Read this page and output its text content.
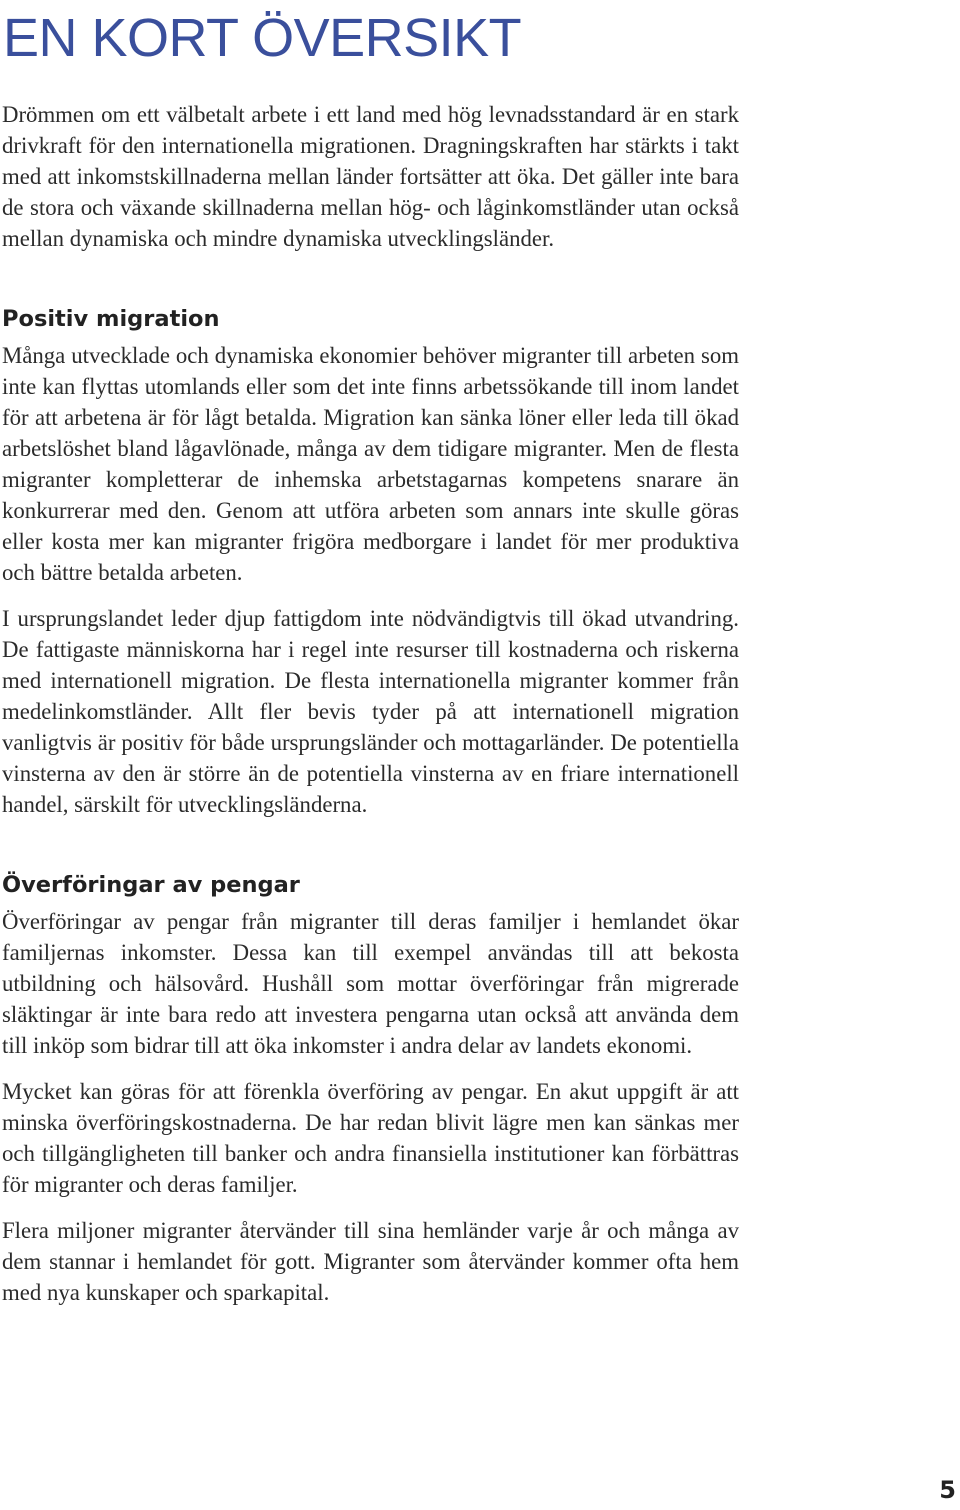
EN KORT ÖVERSIKT

Drömmen om ett välbetalt arbete i ett land med hög levnadsstandard är en stark drivkraft för den internationella migrationen. Dragningskraften har stärkts i takt med att inkomstskillnaderna mellan länder fortsätter att öka. Det gäller inte bara de stora och växande skillnaderna mellan hög- och låginkomstländer utan också mellan dynamiska och mindre dynamiska utvecklingsländer.

Positiv migration

Många utvecklade och dynamiska ekonomier behöver migranter till arbeten som inte kan flyttas utomlands eller som det inte finns arbetssökande till inom landet för att arbetena är för lågt betalda. Migration kan sänka löner eller leda till ökad arbetslöshet bland lågavlönade, många av dem tidigare migranter. Men de flesta migranter kompletterar de inhemska arbetstagarnas kompetens snarare än konkurrerar med den. Genom att utföra arbeten som annars inte skulle göras eller kosta mer kan migranter frigöra medborgare i landet för mer produktiva och bättre betalda arbeten.

I ursprungslandet leder djup fattigdom inte nödvändigtvis till ökad utvandring. De fattigaste människorna har i regel inte resurser till kostnaderna och riskerna med internationell migration. De flesta internationella migranter kommer från medelinkomstländer. Allt fler bevis tyder på att internationell migration vanligtvis är positiv för både ursprungsländer och mottagarländer. De potentiella vinsterna av den är större än de potentiella vinsterna av en friare internationell handel, särskilt för utvecklingsländerna.

Överföringar av pengar

Överföringar av pengar från migranter till deras familjer i hemlandet ökar familjernas inkomster. Dessa kan till exempel användas till att bekosta utbildning och hälsovård. Hushåll som mottar överföringar från migrerade släktingar är inte bara redo att investera pengarna utan också att använda dem till inköp som bidrar till att öka inkomster i andra delar av landets ekonomi.

Mycket kan göras för att förenkla överföring av pengar. En akut uppgift är att minska överföringskostnaderna. De har redan blivit lägre men kan sänkas mer och tillgängligheten till banker och andra finansiella institutioner kan förbättras för migranter och deras familjer.

Flera miljoner migranter återvänder till sina hemländer varje år och många av dem stannar i hemlandet för gott. Migranter som återvänder kommer ofta hem med nya kunskaper och sparkapital.

5
